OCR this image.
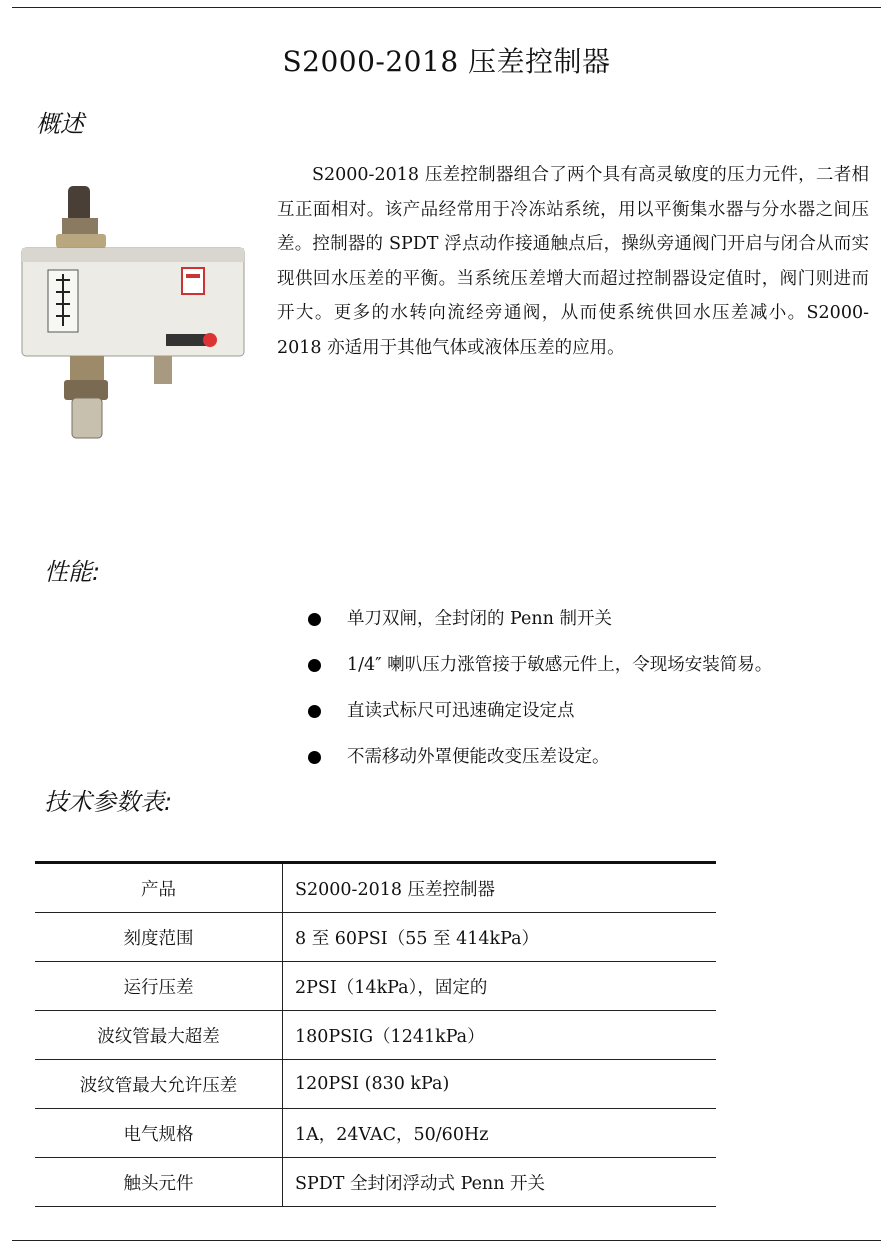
S2000-2018 压差控制器
概述
S2000-2018 压差控制器组合了两个具有高灵敏度的压力元件，二者相互正面相对。该产品经常用于冷冻站系统，用以平衡集水器与分水器之间压差。控制器的 SPDT 浮点动作接通触点后，操纵旁通阀门开启与闭合从而实现供回水压差的平衡。当系统压差增大而超过控制器设定值时，阀门则进而开大。更多的水转向流经旁通阀，从而使系统供回水压差减小。S2000-2018 亦适用于其他气体或液体压差的应用。
性能:
单刀双闸，全封闭的 Penn 制开关
1/4″ 喇叭压力涨管接于敏感元件上，令现场安装简易。
直读式标尺可迅速确定设定点
不需移动外罩便能改变压差设定。
技术参数表:
产品	S2000-2018 压差控制器
刻度范围	8 至 60PSI（55 至 414kPa）
运行压差	2PSI（14kPa），固定的
波纹管最大超差	180PSIG（1241kPa）
波纹管最大允许压差	120PSI (830 kPa)
电气规格	1A，24VAC，50/60Hz
触头元件	SPDT 全封闭浮动式 Penn 开关
